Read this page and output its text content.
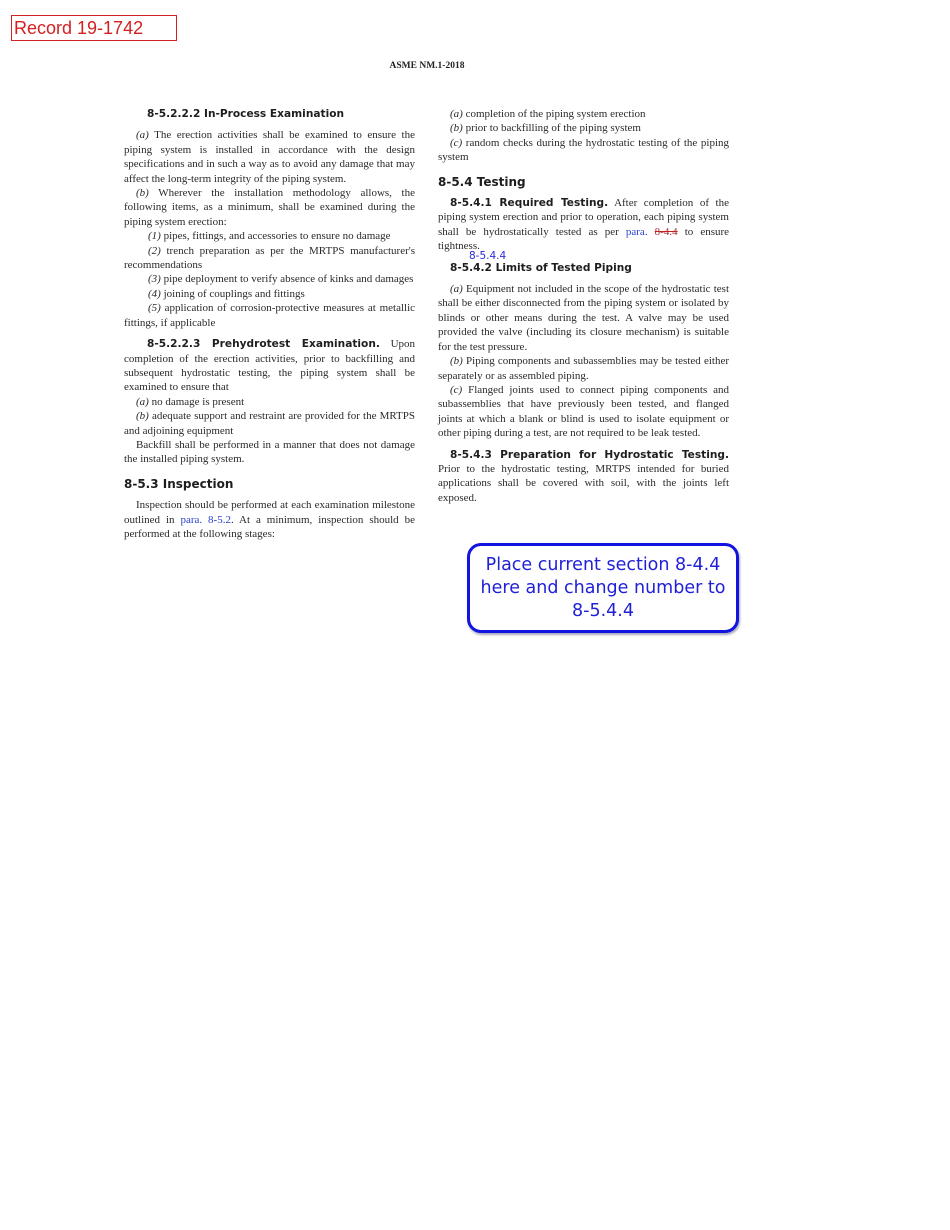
Record 19-1742
ASME NM.1-2018
8-5.2.2.2 In-Process Examination

(a) The erection activities shall be examined to ensure the piping system is installed in accordance with the design specifications and in such a way as to avoid any damage that may affect the long-term integrity of the piping system.

(b) Wherever the installation methodology allows, the following items, as a minimum, shall be examined during the piping system erection:

(1) pipes, fittings, and accessories to ensure no damage

(2) trench preparation as per the MRTPS manufacturer's recommendations

(3) pipe deployment to verify absence of kinks and damages

(4) joining of couplings and fittings

(5) application of corrosion-protective measures at metallic fittings, if applicable

8-5.2.2.3 Prehydrotest Examination. Upon completion of the erection activities, prior to backfilling and subsequent hydrostatic testing, the piping system shall be examined to ensure that

(a) no damage is present

(b) adequate support and restraint are provided for the MRTPS and adjoining equipment

Backfill shall be performed in a manner that does not damage the installed piping system.

8-5.3 Inspection

Inspection should be performed at each examination milestone outlined in para. 8-5.2. At a minimum, inspection should be performed at the following stages:

(a) completion of the piping system erection

(b) prior to backfilling of the piping system

(c) random checks during the hydrostatic testing of the piping system

8-5.4 Testing

8-5.4.1 Required Testing. After completion of the piping system erection and prior to operation, each piping system shall be hydrostatically tested as per para. 8-4.4 to ensure tightness.

8-5.4.4
8-5.4.2 Limits of Tested Piping

(a) Equipment not included in the scope of the hydrostatic test shall be either disconnected from the piping system or isolated by blinds or other means during the test. A valve may be used provided the valve (including its closure mechanism) is suitable for the test pressure.

(b) Piping components and subassemblies may be tested either separately or as assembled piping.

(c) Flanged joints used to connect piping components and subassemblies that have previously been tested, and flanged joints at which a blank or blind is used to isolate equipment or other piping during a test, are not required to be leak tested.

8-5.4.3 Preparation for Hydrostatic Testing. Prior to the hydrostatic testing, MRTPS intended for buried applications shall be covered with soil, with the joints left exposed.

Place current section 8-4.4 here and change number to 8-5.4.4
